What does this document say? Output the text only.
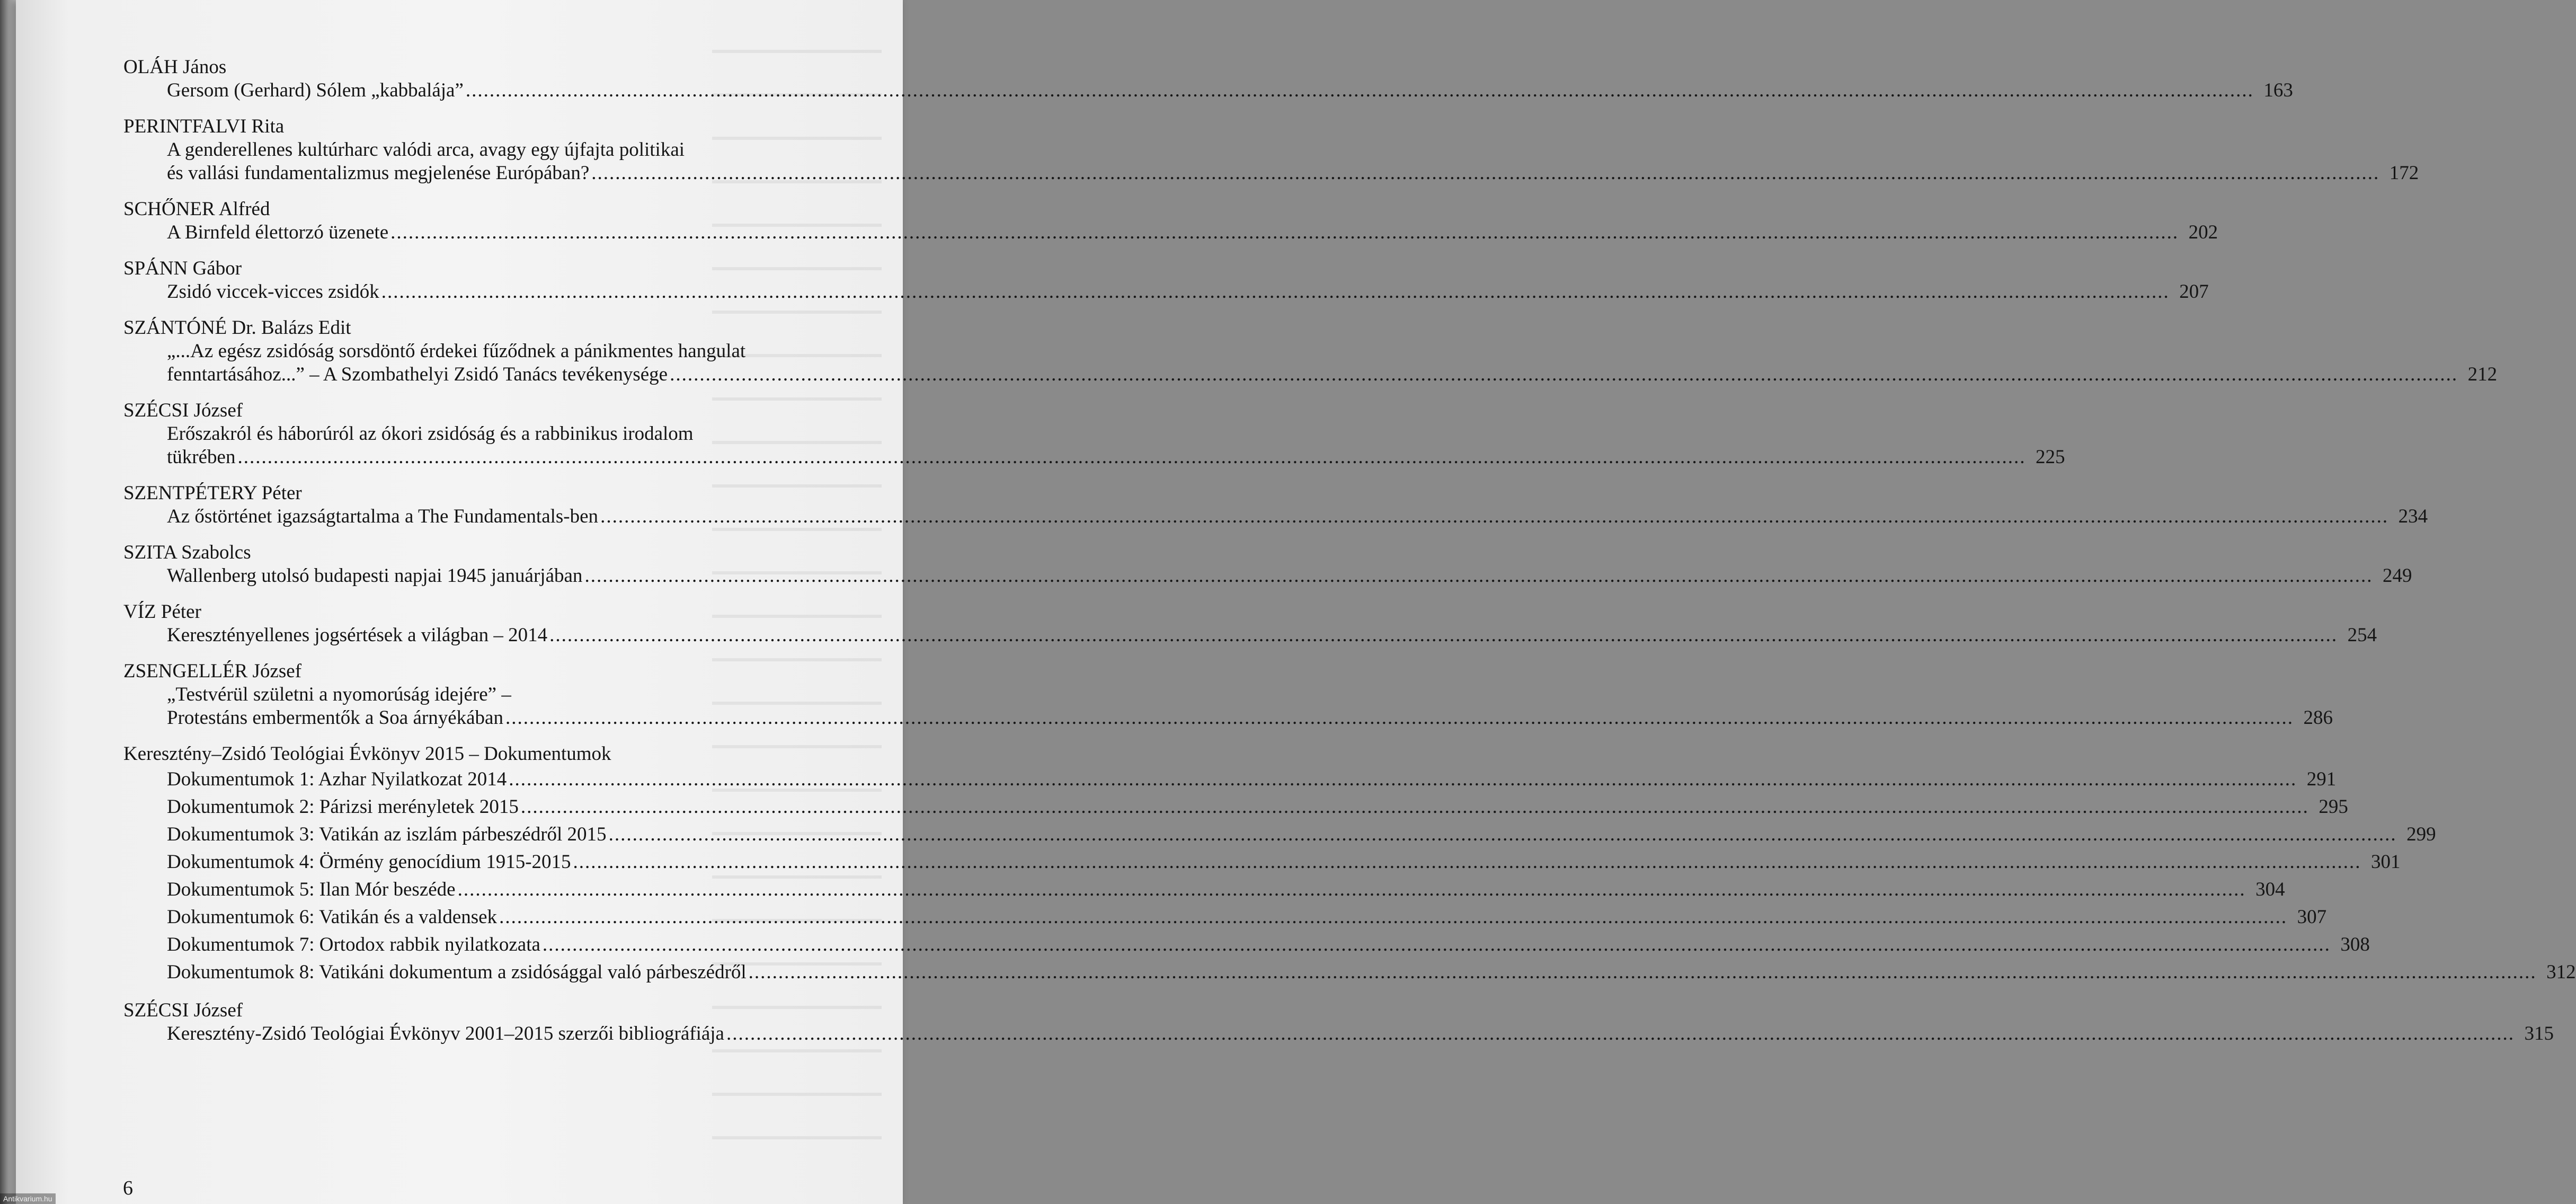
OLÁH János
Gersom (Gerhard) Sólem „kabbalája” ............................................................................................................................................................................................................................................................................................................ 163
PERINTFALVI Rita
A genderellenes kultúrharc valódi arca, avagy egy újfajta politikai
és vallási fundamentalizmus megjelenése Európában? ............................................................................................................................................................................................................................................................................................................ 172
SCHŐNER Alfréd
A Birnfeld élettorzó üzenete ............................................................................................................................................................................................................................................................................................................ 202
SPÁNN Gábor
Zsidó viccek-vicces zsidók ............................................................................................................................................................................................................................................................................................................ 207
SZÁNTÓNÉ Dr. Balázs Edit
„...Az egész zsidóság sorsdöntő érdekei fűződnek a pánikmentes hangulat
fenntartásához...” – A Szombathelyi Zsidó Tanács tevékenysége ............................................................................................................................................................................................................................................................................................................ 212
SZÉCSI József
Erőszakról és háborúról az ókori zsidóság és a rabbinikus irodalom
tükrében ............................................................................................................................................................................................................................................................................................................ 225
SZENTPÉTERY Péter
Az őstörténet igazságtartalma a The Fundamentals-ben ............................................................................................................................................................................................................................................................................................................ 234
SZITA Szabolcs
Wallenberg utolsó budapesti napjai 1945 januárjában ............................................................................................................................................................................................................................................................................................................ 249
VÍZ Péter
Keresztényellenes jogsértések a világban – 2014 ............................................................................................................................................................................................................................................................................................................ 254
ZSENGELLÉR József
„Testvérül születni a nyomorúság idejére” –
Protestáns embermentők a Soa árnyékában ............................................................................................................................................................................................................................................................................................................ 286
Keresztény–Zsidó Teológiai Évkönyv 2015 – Dokumentumok
Dokumentumok 1: Azhar Nyilatkozat 2014 ............................................................................................................................................................................................................................................................................................................ 291
Dokumentumok 2: Párizsi merényletek 2015 ............................................................................................................................................................................................................................................................................................................ 295
Dokumentumok 3: Vatikán az iszlám párbeszédről 2015 ............................................................................................................................................................................................................................................................................................................ 299
Dokumentumok 4: Örmény genocídium 1915-2015 ............................................................................................................................................................................................................................................................................................................ 301
Dokumentumok 5: Ilan Mór beszéde ............................................................................................................................................................................................................................................................................................................ 304
Dokumentumok 6: Vatikán és a valdensek ............................................................................................................................................................................................................................................................................................................ 307
Dokumentumok 7: Ortodox rabbik nyilatkozata ............................................................................................................................................................................................................................................................................................................ 308
Dokumentumok 8: Vatikáni dokumentum a zsidósággal való párbeszédről ............................................................................................................................................................................................................................................................................................................ 312
SZÉCSI József
Keresztény-Zsidó Teológiai Évkönyv 2001–2015 szerzői bibliográfiája ............................................................................................................................................................................................................................................................................................................ 315
6
Antikvarium.hu
